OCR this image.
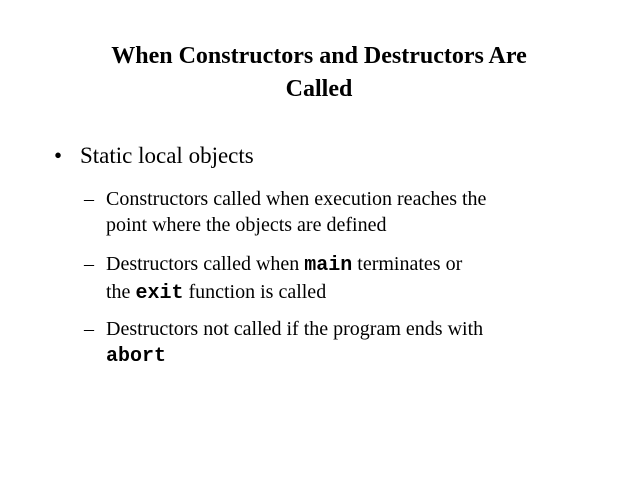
When Constructors and Destructors Are
Called
• Static local objects
– Constructors called when execution reaches the
point where the objects are defined
– Destructors called when main terminates or
the exit function is called
– Destructors not called if the program ends with
abort
